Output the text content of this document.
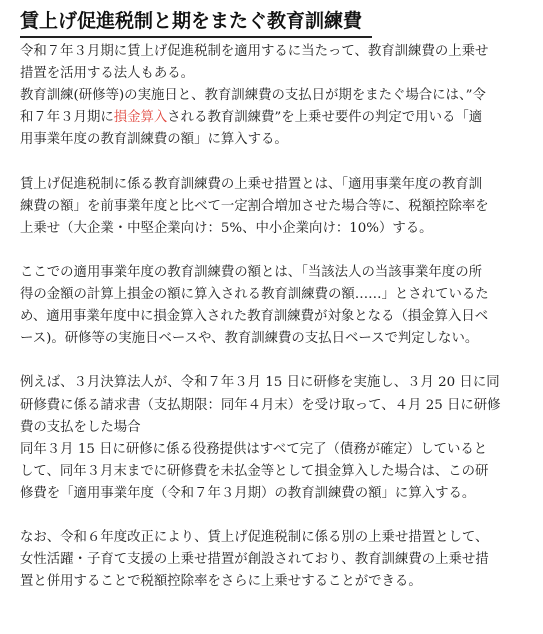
賃上げ促進税制と期をまたぐ教育訓練費
令和７年３月期に賃上げ促進税制を適用するに当たって、教育訓練費の上乗せ
措置を活用する法人もある。
教育訓練(研修等)の実施日と、教育訓練費の支払日が期をまたぐ場合には、”令
和７年３月期に損金算入される教育訓練費”を上乗せ要件の判定で用いる「適
用事業年度の教育訓練費の額」に算入する。
賃上げ促進税制に係る教育訓練費の上乗せ措置とは、「適用事業年度の教育訓
練費の額」を前事業年度と比べて一定割合増加させた場合等に、税額控除率を
上乗せ（大企業・中堅企業向け：5%、中小企業向け：10%）する。
ここでの適用事業年度の教育訓練費の額とは、「当該法人の当該事業年度の所
得の金額の計算上損金の額に算入される教育訓練費の額……」とされているた
め、適用事業年度中に損金算入された教育訓練費が対象となる（損金算入日ベ
ース)。研修等の実施日ベースや、教育訓練費の支払日ベースで判定しない。
例えば、３月決算法人が、令和７年３月 15 日に研修を実施し、３月 20 日に同
研修費に係る請求書（支払期限：同年４月末）を受け取って、４月 25 日に研修
費の支払をした場合
同年３月 15 日に研修に係る役務提供はすべて完了（債務が確定）していると
して、同年３月末までに研修費を未払金等として損金算入した場合は、この研
修費を「適用事業年度（令和７年３月期）の教育訓練費の額」に算入する。
なお、令和６年度改正により、賃上げ促進税制に係る別の上乗せ措置として、
女性活躍・子育て支援の上乗せ措置が創設されており、教育訓練費の上乗せ措
置と併用することで税額控除率をさらに上乗せすることができる。
